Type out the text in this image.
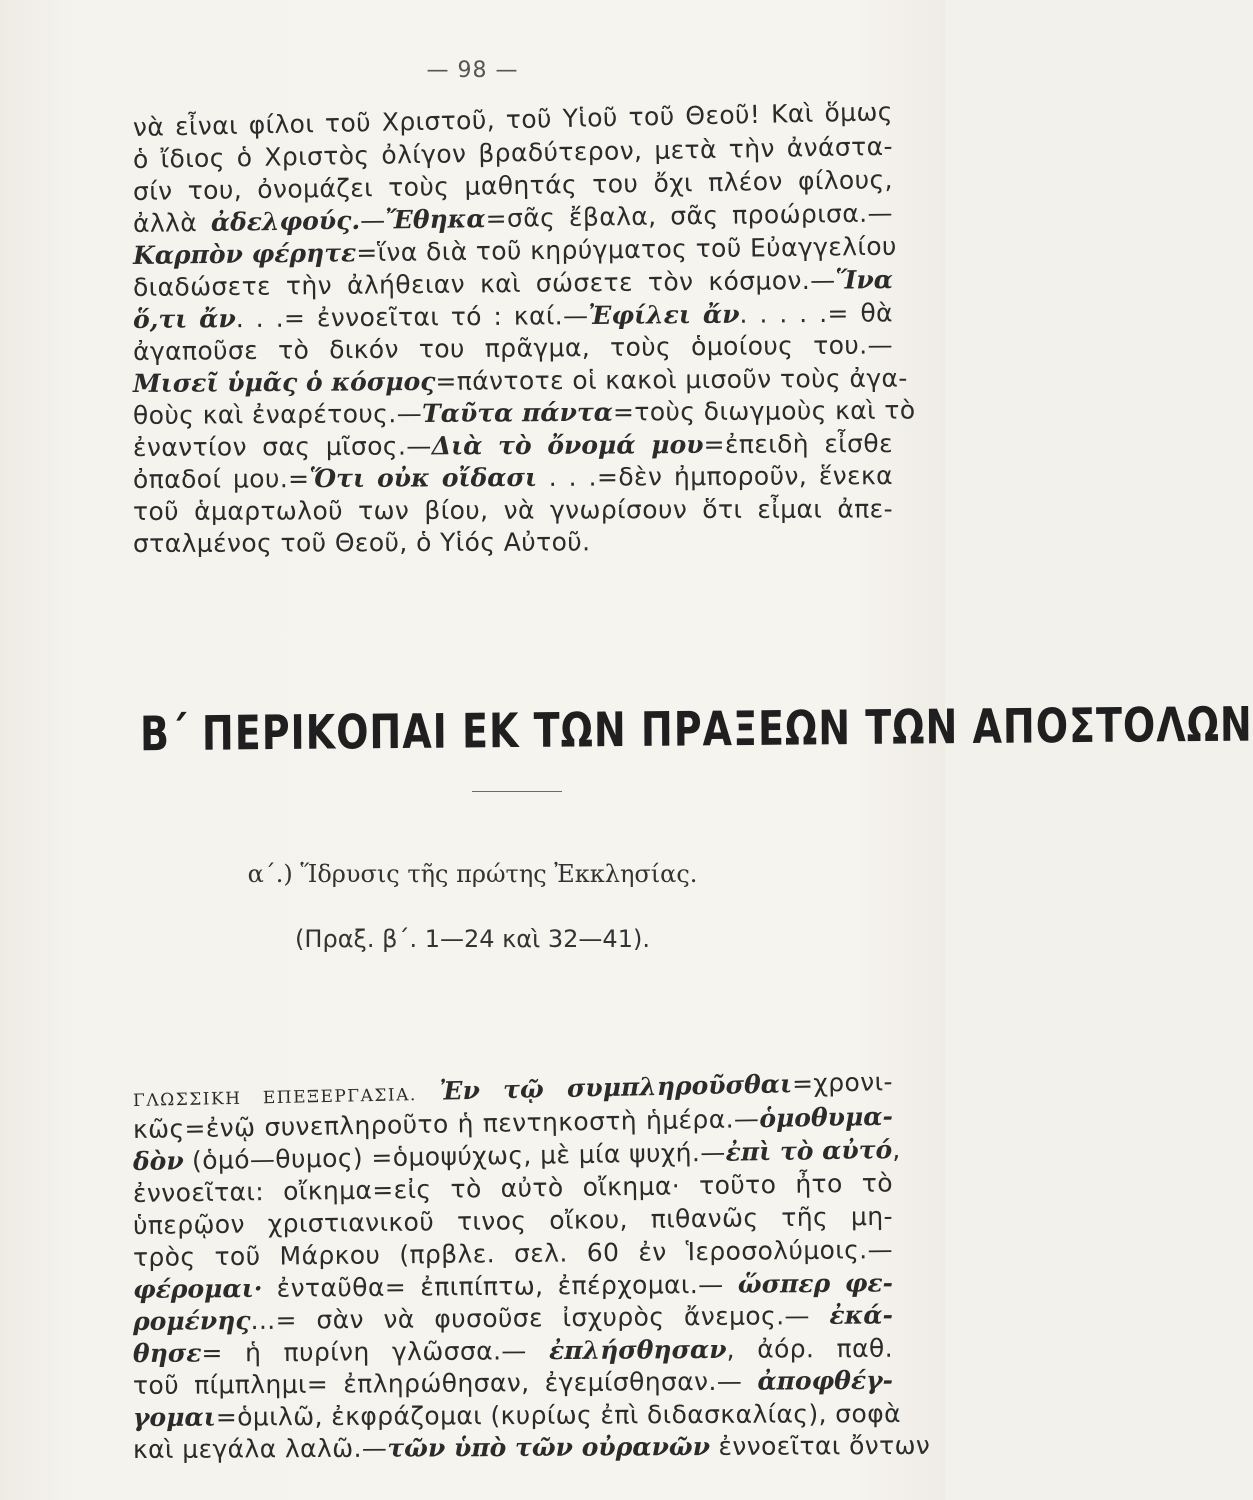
— 98 —
νὰ εἶναι φίλοι τοῦ Χριστοῦ, τοῦ Υἱοῦ τοῦ Θεοῦ! Καὶ ὅμως
ὁ ἴδιος ὁ Χριστὸς ὀλίγον βραδύτερον, μετὰ τὴν ἀνάστα-
σίν του, ὀνομάζει τοὺς μαθητάς του ὄχι πλέον φίλους,
ἀλλὰ ἀδελφούς.—Ἔθηκα=σᾶς ἔβαλα, σᾶς προώρισα.—
Καρπὸν φέρητε=ἵνα διὰ τοῦ κηρύγματος τοῦ Εὐαγγελίου
διαδώσετε τὴν ἀλήθειαν καὶ σώσετε τὸν κόσμον.—Ἵνα
ὅ,τι ἄν. . .= ἐννοεῖται τό : καί.—Ἐφίλει ἄν. . . . .= θὰ
ἀγαποῦσε τὸ δικόν του πρᾶγμα, τοὺς ὁμοίους του.—
Μισεῖ ὑμᾶς ὁ κόσμος=πάντοτε οἱ κακοὶ μισοῦν τοὺς ἀγα-
θοὺς καὶ ἐναρέτους.—Ταῦτα πάντα=τοὺς διωγμοὺς καὶ τὸ
ἐναντίον σας μῖσος.—Διὰ τὸ ὄνομά μου=ἐπειδὴ εἶσθε
ὀπαδοί μου.=Ὅτι οὐκ οἴδασι . . .=δὲν ἠμποροῦν, ἕνεκα
τοῦ ἁμαρτωλοῦ των βίου, νὰ γνωρίσουν ὅτι εἶμαι ἀπε-
σταλμένος τοῦ Θεοῦ, ὁ Υἱός Αὐτοῦ.
Β΄ ΠΕΡΙΚΟΠΑΙ ΕΚ ΤΩΝ ΠΡΑΞΕΩΝ ΤΩΝ ΑΠΟΣΤΟΛΩΝ
α΄.) Ἵδρυσις τῆς πρώτης Ἐκκλησίας.
(Πραξ. β΄. 1—24 καὶ 32—41).
ΓΛΩΣΣΙΚΗ ΕΠΕΞΕΡΓΑΣΙΑ. Ἐν τῷ συμπληροῦσθαι=χρονι-
κῶς=ἐνῷ συνεπληροῦτο ἡ πεντηκοστὴ ἡμέρα.—ὁμοθυμα-
δὸν (ὁμό—θυμος) =ὁμοψύχως, μὲ μία ψυχή.—ἐπὶ τὸ αὐτό,
ἐννοεῖται: οἴκημα=εἰς τὸ αὐτὸ οἴκημα· τοῦτο ἦτο τὸ
ὑπερῷον χριστιανικοῦ τινος οἴκου, πιθανῶς τῆς μη-
τρὸς τοῦ Μάρκου (πρβλε. σελ. 60 ἐν Ἱεροσολύμοις.—
φέρομαι· ἐνταῦθα= ἐπιπίπτω, ἐπέρχομαι.— ὥσπερ φε-
ρομένης...= σὰν νὰ φυσοῦσε ἰσχυρὸς ἄνεμος.— ἐκά-
θησε= ἡ πυρίνη γλῶσσα.— ἐπλήσθησαν, ἀόρ. παθ.
τοῦ πίμπλημι= ἐπληρώθησαν, ἐγεμίσθησαν.— ἀποφθέγ-
γομαι=ὁμιλῶ, ἐκφράζομαι (κυρίως ἐπὶ διδασκαλίας), σοφὰ
καὶ μεγάλα λαλῶ.—τῶν ὑπὸ τῶν οὐρανῶν ἐννοεῖται ὄντων
